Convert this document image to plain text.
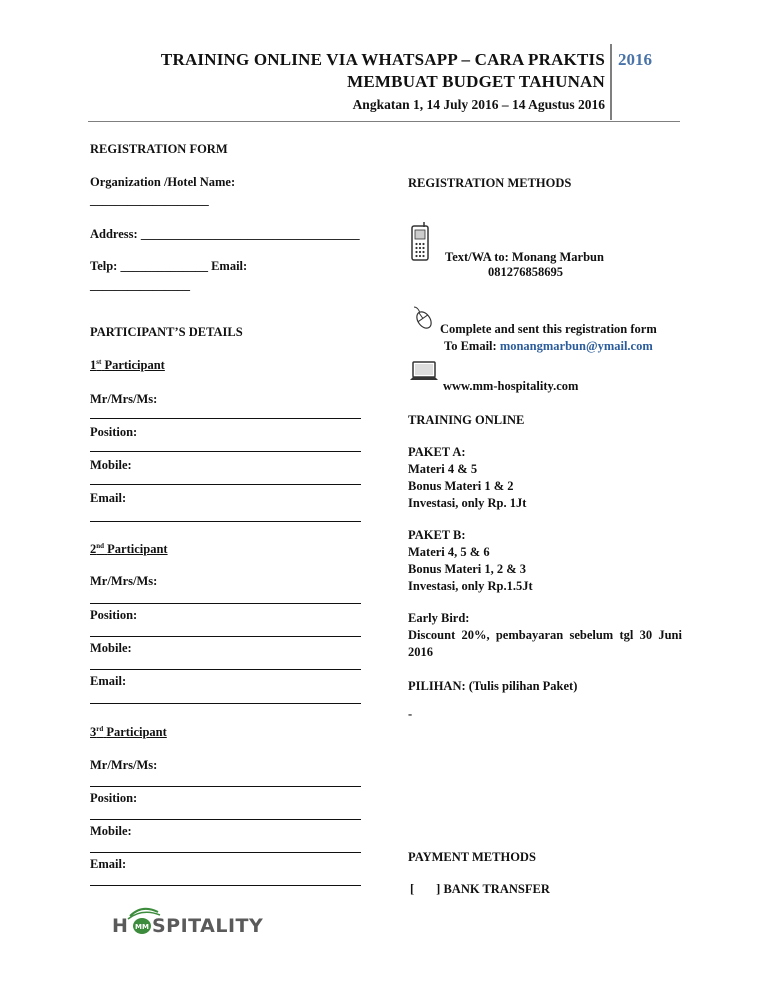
TRAINING ONLINE VIA WHATSAPP – CARA PRAKTIS
MEMBUAT BUDGET TAHUNAN
Angkatan 1, 14 July 2016 – 14 Agustus 2016
2016
REGISTRATION FORM
Organization /Hotel Name:
___________________
Address: ___________________________________
Telp: ______________ Email:
________________
PARTICIPANT’S DETAILS
1st Participant
Mr/Mrs/Ms:
Position:
Mobile:
Email:
2nd Participant
Mr/Mrs/Ms:
Position:
Mobile:
Email:
3rd Participant
Mr/Mrs/Ms:
Position:
Mobile:
Email:
MM
H SPITALITY
REGISTRATION METHODS
Text/WA to: Monang Marbun
081276858695
Complete and sent this registration form
To Email: monangmarbun@ymail.com
www.mm-hospitality.com
TRAINING ONLINE
PAKET A:
Materi 4 & 5
Bonus Materi 1 & 2
Investasi, only Rp. 1Jt
PAKET B:
Materi 4, 5 & 6
Bonus Materi 1, 2 & 3
Investasi, only Rp.1.5Jt
Early Bird:
Discount  20%,  pembayaran  sebelum  tgl  30  Juni
2016
PILIHAN: (Tulis pilihan Paket)
-
PAYMENT METHODS
[ ] BANK TRANSFER
